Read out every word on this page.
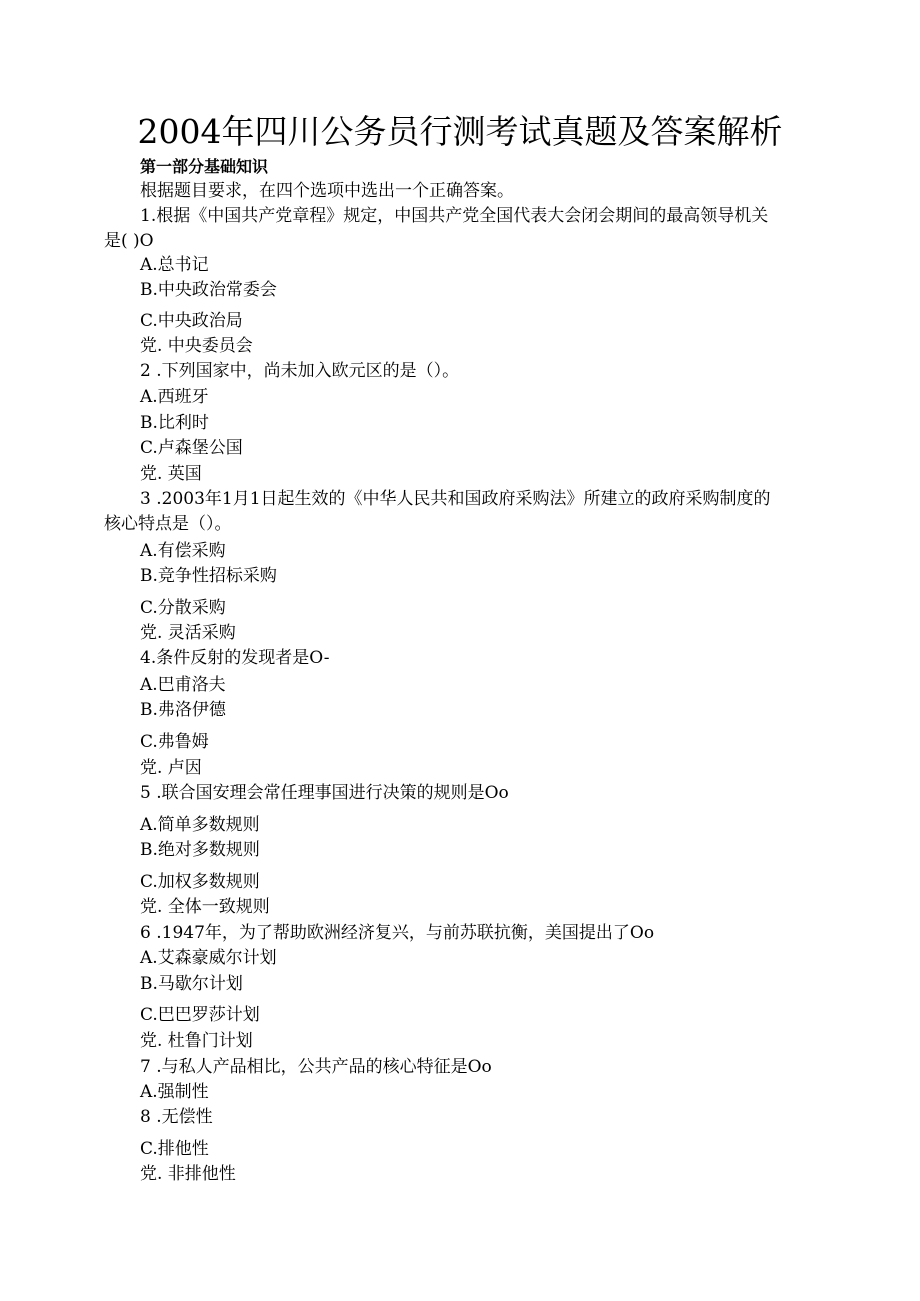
2004年四川公务员行测考试真题及答案解析

第一部分基础知识

根据题目要求，在四个选项中选出一个正确答案。

1.根据《中国共产党章程》规定，中国共产党全国代表大会闭会期间的最高领导机关

是( )O

A.总书记

B.中央政治常委会

C.中央政治局

党. 中央委员会

2 .下列国家中，尚未加入欧元区的是（）。

A.西班牙

B.比利时

C.卢森堡公国

党. 英国

3 .2003年1月1日起生效的《中华人民共和国政府采购法》所建立的政府采购制度的

核心特点是（）。

A.有偿采购

B.竞争性招标采购

C.分散采购

党. 灵活采购

4.条件反射的发现者是O-

A.巴甫洛夫

B.弗洛伊德

C.弗鲁姆

党. 卢因

5 .联合国安理会常任理事国进行决策的规则是Oo

A.简单多数规则

B.绝对多数规则

C.加权多数规则

党. 全体一致规则

6 .1947年，为了帮助欧洲经济复兴，与前苏联抗衡，美国提出了Oo

A.艾森豪威尔计划

B.马歇尔计划

C.巴巴罗莎计划

党. 杜鲁门计划

7 .与私人产品相比，公共产品的核心特征是Oo

A.强制性

8 .无偿性

C.排他性

党. 非排他性
